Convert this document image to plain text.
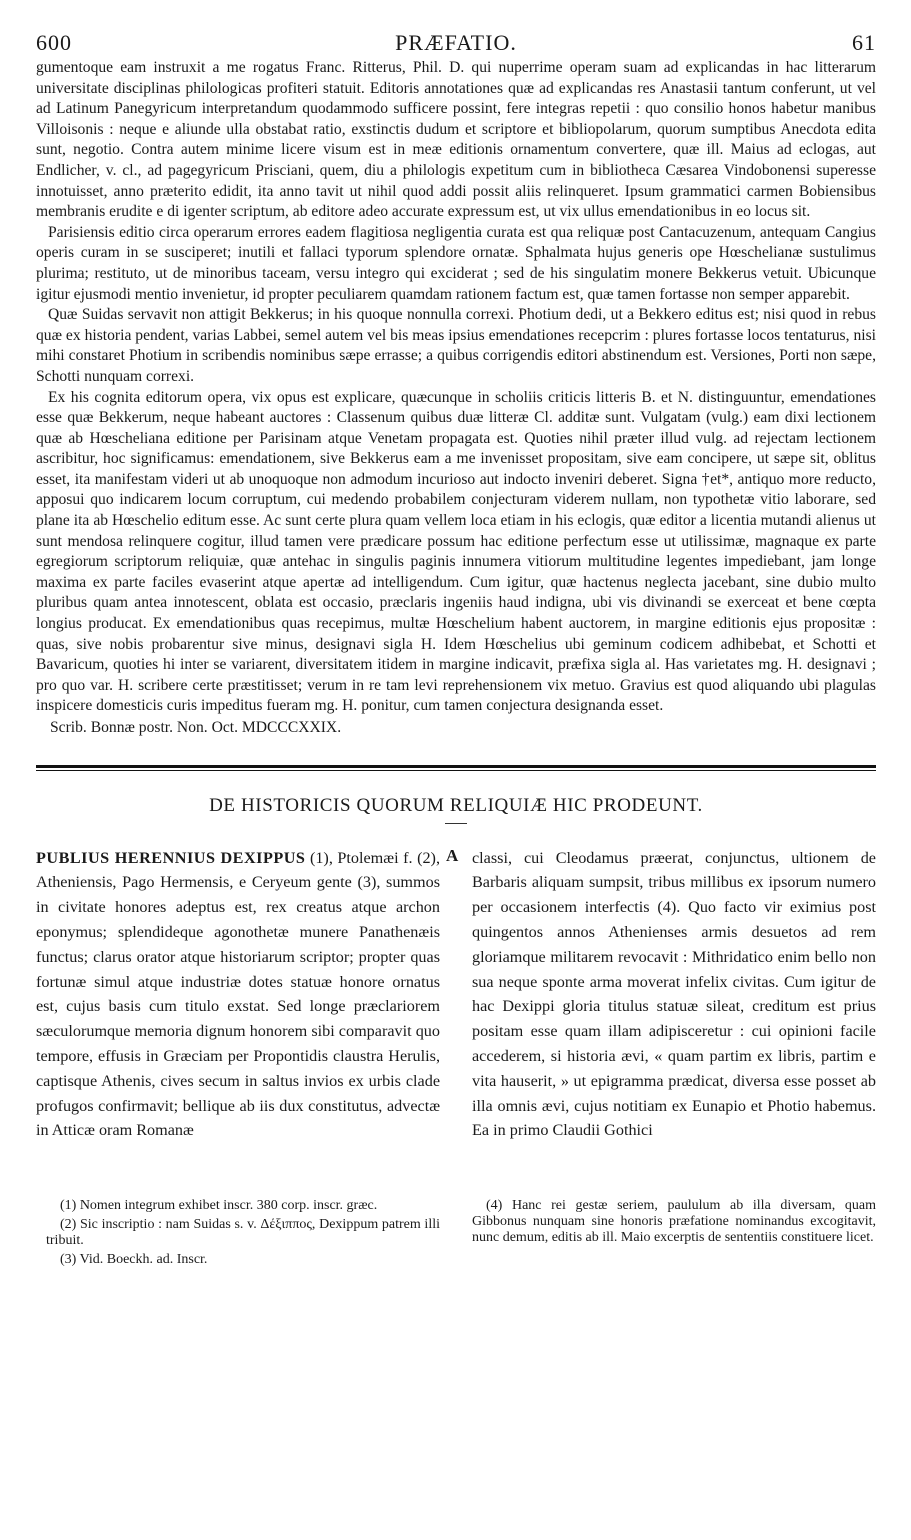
600	PRÆFATIO.	61

gumentoque eam instruxit a me rogatus Franc. Ritterus, Phil. D. qui nuperrime operam suam ad explicandas in hac litterarum universitate disciplinas philologicas profiteri statuit. Editoris annotationes quæ ad explicandas res Anastasii tantum conferunt, ut vel ad Latinum Panegyricum interpretandum quodammodo sufficere possint, fere integras repetii : quo consilio honos habetur manibus Villoisonis : neque e aliunde ulla obstabat ratio, exstinctis dudum et scriptore et bibliopolarum, quorum sumptibus Anecdota edita sunt, negotio. Contra autem minime licere visum est in meæ editionis ornamentum convertere, quæ ill. Maius ad eclogas, aut Endlicher, v. cl., ad pagegyricum Prisciani, quem, diu a philologis expetitum cum in bibliotheca Cæsarea Vindobonensi superesse innotuisset, anno præterito edidit, ita anno tavit ut nihil quod addi possit aliis relinqueret. Ipsum grammatici carmen Bobiensibus membranis erudite e di igenter scriptum, ab editore adeo accurate expressum est, ut vix ullus emendationibus in eo locus sit.

Parisiensis editio circa operarum errores eadem flagitiosa negligentia curata est qua reliquæ post Cantacuzenum, antequam Cangius operis curam in se susciperet; inutili et fallaci typorum splendore ornatæ. Sphalmata hujus generis ope Hœschelianæ sustulimus plurima; restituto, ut de minoribus taceam, versu integro qui exciderat ; sed de his singulatim monere Bekkerus vetuit. Ubicunque igitur ejusmodi mentio invenietur, id propter peculiarem quamdam rationem factum est, quæ tamen fortasse non semper apparebit.

Quæ Suidas servavit non attigit Bekkerus; in his quoque nonnulla correxi. Photium dedi, ut a Bekkero editus est; nisi quod in rebus quæ ex historia pendent, varias Labbei, semel autem vel bis meas ipsius emendationes recepcrim : plures fortasse locos tentaturus, nisi mihi constaret Photium in scribendis nominibus sæpe errasse; a quibus corrigendis editori abstinendum est. Versiones, Porti non sæpe, Schotti nunquam correxi.

Ex his cognita editorum opera, vix opus est explicare, quæcunque in scholiis criticis litteris B. et N. distinguuntur, emendationes esse quæ Bekkerum, neque habeant auctores : Classenum quibus duæ litteræ Cl. additæ sunt. Vulgatam (vulg.) eam dixi lectionem quæ ab Hœscheliana editione per Parisinam atque Venetam propagata est. Quoties nihil præter illud vulg. ad rejectam lectionem ascribitur, hoc significamus: emendationem, sive Bekkerus eam a me invenisset propositam, sive eam concipere, ut sæpe sit, oblitus esset, ita manifestam videri ut ab unoquoque non admodum incurioso aut indocto inveniri deberet. Signa †et*, antiquo more reducto, apposui quo indicarem locum corruptum, cui medendo probabilem conjecturam viderem nullam, non typothetæ vitio laborare, sed plane ita ab Hœschelio editum esse. Ac sunt certe plura quam vellem loca etiam in his eclogis, quæ editor a licentia mutandi alienus ut sunt mendosa relinquere cogitur, illud tamen vere prædicare possum hac editione perfectum esse ut utilissimæ, magnaque ex parte egregiorum scriptorum reliquiæ, quæ antehac in singulis paginis innumera vitiorum multitudine legentes impediebant, jam longe maxima ex parte faciles evaserint atque apertæ ad intelligendum. Cum igitur, quæ hactenus neglecta jacebant, sine dubio multo pluribus quam antea innotescent, oblata est occasio, præclaris ingeniis haud indigna, ubi vis divinandi se exerceat et bene cœpta longius producat. Ex emendationibus quas recepimus, multæ Hœschelium habent auctorem, in margine editionis ejus propositæ : quas, sive nobis probarentur sive minus, designavi sigla H. Idem Hœschelius ubi geminum codicem adhibebat, et Schotti et Bavaricum, quoties hi inter se variarent, diversitatem itidem in margine indicavit, præfixa sigla al. Has varietates mg. H. designavi ; pro quo var. H. scribere certe præstitisset; verum in re tam levi reprehensionem vix metuo. Gravius est quod aliquando ubi plagulas inspicere domesticis curis impeditus fueram mg. H. ponitur, cum tamen conjectura designanda esset.

Scrib. Bonnæ postr. Non. Oct. MDCCCXXIX.

DE HISTORICIS QUORUM RELIQUIÆ HIC PRODEUNT.

PUBLIUS HERENNIUS DEXIPPUS (1), Ptolemæi f. (2), Atheniensis, Pago Hermensis, e Ceryeum gente (3), summos in civitate honores adeptus est, rex creatus atque archon eponymus; splendideque agonothetæ munere Panathenæis functus; clarus orator atque historiarum scriptor; propter quas fortunæ simul atque industriæ dotes statuæ honore ornatus est, cujus basis cum titulo exstat. Sed longe præclariorem sæculorumque memoria dignum honorem sibi comparavit quo tempore, effusis in Græciam per Propontidis claustra Herulis, captisque Athenis, cives secum in saltus invios ex urbis clade profugos confirmavit; bellique ab iis dux constitutus, advectæ in Atticæ oram Romanæ

A classi, cui Cleodamus præerat, conjunctus, ultionem de Barbaris aliquam sumpsit, tribus millibus ex ipsorum numero per occasionem interfectis (4). Quo facto vir eximius post quingentos annos Athenienses armis desuetos ad rem gloriamque militarem revocavit : Mithridatico enim bello non sua neque sponte arma moverat infelix civitas. Cum igitur de hac Dexippi gloria titulus statuæ sileat, creditum est prius positam esse quam illam adipisceretur : cui opinioni facile accederem, si historia ævi, « quam partim ex libris, partim e vita hauserit, » ut epigramma prædicat, diversa esse posset ab illa omnis ævi, cujus notitiam ex Eunapio et Photio habemus. Ea in primo Claudii Gothici

(1) Nomen integrum exhibet inscr. 380 corp. inscr. græc.

(2) Sic inscriptio : nam Suidas s. v. Δέξιππος, Dexippum patrem illi tribuit.

(3) Vid. Boeckh. ad. Inscr.

(4) Hanc rei gestæ seriem, paululum ab illa diversam, quam Gibbonus nunquam sine honoris præfatione nominandus excogitavit, nunc demum, editis ab ill. Maio excerptis de sententiis constituere licet.
